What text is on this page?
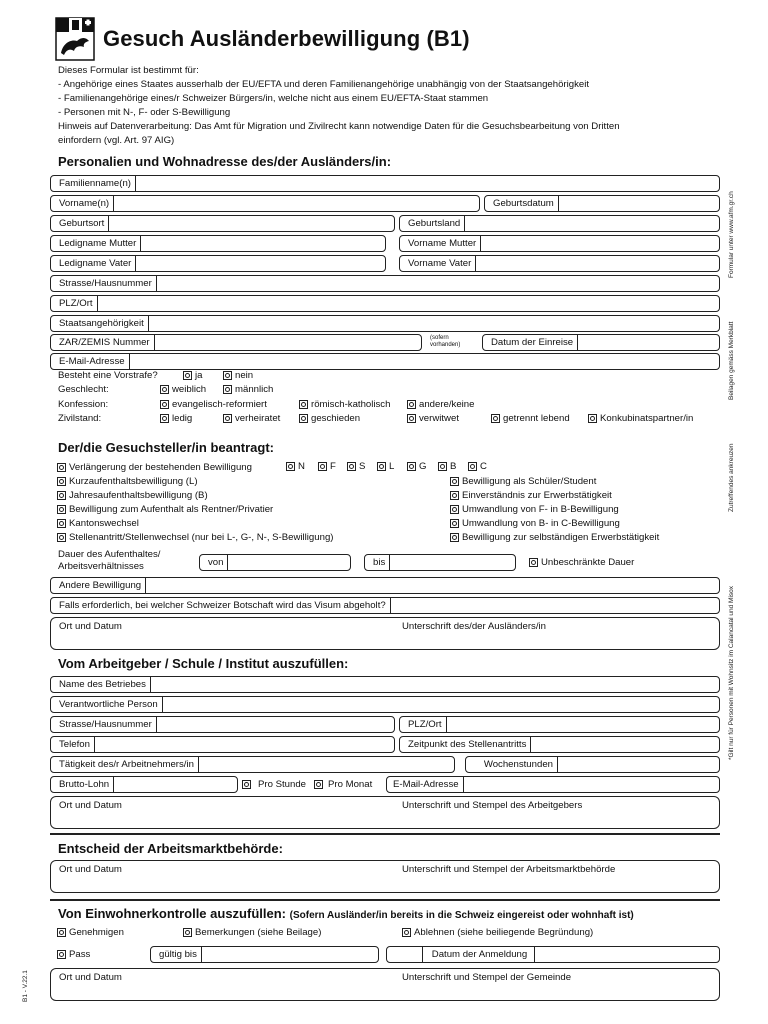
Gesuch Ausländerbewilligung (B1)
Dieses Formular ist bestimmt für:
- Angehörige eines Staates ausserhalb der EU/EFTA und deren Familienangehörige unabhängig von der Staatsangehörigkeit
- Familienangehörige eines/r Schweizer Bürgers/in, welche nicht aus einem EU/EFTA-Staat stammen
- Personen mit N-, F- oder S-Bewilligung
Hinweis auf Datenverarbeitung: Das Amt für Migration und Zivilrecht kann notwendige Daten für die Gesuchsbearbeitung von Dritten
einfordern (vgl. Art. 97 AIG)
Personalien und Wohnadresse des/der Ausländers/in:
Familienname(n)
Vorname(n)	Geburtsdatum
Geburtsort	Geburtsland
Ledigname Mutter	Vorname Mutter
Ledigname Vater	Vorname Vater
Strasse/Hausnummer
PLZ/Ort
Staatsangehörigkeit
ZAR/ZEMIS Nummer	(sofern vorhanden)	Datum der Einreise
E-Mail-Adresse
Besteht eine Vorstrafe?	ja	nein
Geschlecht:	weiblich	männlich
Konfession:	evangelisch-reformiert	römisch-katholisch	andere/keine
Zivilstand:	ledig	verheiratet	geschieden	verwitwet	getrennt lebend	Konkubinatspartner/in
Der/die Gesuchsteller/in beantragt:
Verlängerung der bestehenden Bewilligung	N	F S L	G B C
Kurzaufenthaltsbewilligung (L)
Jahresaufenthaltsbewilligung (B)
Bewilligung zum Aufenthalt als Rentner/Privatier
Kantonswechsel
Stellenantritt/Stellenwechsel (nur bei L-, G-, N-, S-Bewilligung)
Bewilligung als Schüler/Student
Einverständnis zur Erwerbstätigkeit
Umwandlung von F- in B-Bewilligung
Umwandlung von B- in C-Bewilligung
Bewilligung zur selbständigen Erwerbstätigkeit
Dauer des Aufenthaltes/
Arbeitsverhältnisses	von	bis	Unbeschränkte Dauer
Andere Bewilligung
Falls erforderlich, bei welcher Schweizer Botschaft wird das Visum abgeholt?
Ort und Datum	Unterschrift des/der Ausländers/in
Vom Arbeitgeber / Schule / Institut auszufüllen:
Name des Betriebes
Verantwortliche Person
Strasse/Hausnummer	PLZ/Ort
Telefon	Zeitpunkt des Stellenantritts
Tätigkeit des/r Arbeitnehmers/in	Wochenstunden
Brutto-Lohn	Pro Stunde Pro Monat	E-Mail-Adresse
Ort und Datum	Unterschrift und Stempel des Arbeitgebers
Entscheid der Arbeitsmarktbehörde:
Ort und Datum	Unterschrift und Stempel der Arbeitsmarktbehörde
Von Einwohnerkontrolle auszufüllen: (Sofern Ausländer/in bereits in die Schweiz eingereist oder wohnhaft ist)
Genehmigen	Bemerkungen (siehe Beilage)	Ablehnen (siehe beiliegende Begründung)
Pass	gültig bis	Datum der Anmeldung
Ort und Datum	Unterschrift und Stempel der Gemeinde
Formular unter www.afm.gr.ch
Beilagen gemäss Merkblatt
Zutreffendes ankreuzen
*Gilt nur für Personen mit Wohnsitz im Calancatal und Misox
B1 - V.22.1
